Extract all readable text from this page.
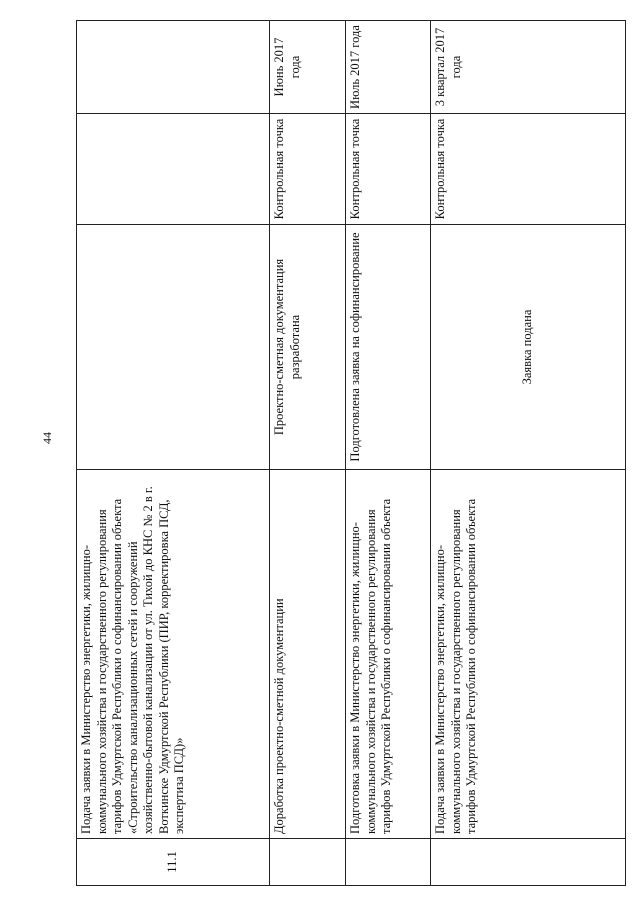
44
11.1	Подача заявки в Министерство энергетики, жилищно-коммунального хозяйства и государственного регулирования тарифов Удмуртской Республики о софинансировании объекта «Строительство канализационных сетей и сооружений хозяйственно-бытовой канализации от ул. Тихой до КНС № 2 в г. Воткинске Удмуртской Республики (ПИР, корректировка ПСД, экспертиза ПСД)»			
	Доработка проектно-сметной документации	Проектно-сметная документация разработана	Контрольная точка	Июнь 2017 года
	Подготовка заявки в Министерство энергетики, жилищно-коммунального хозяйства и государственного регулирования тарифов Удмуртской Республики о софинансировании объекта	Подготовлена заявка на софинансирование	Контрольная точка	Июль 2017 года
	Подача заявки в Министерство энергетики, жилищно-коммунального хозяйства и государственного регулирования тарифов Удмуртской Республики о софинансировании объекта	Заявка подана	Контрольная точка	3 квартал 2017 года
